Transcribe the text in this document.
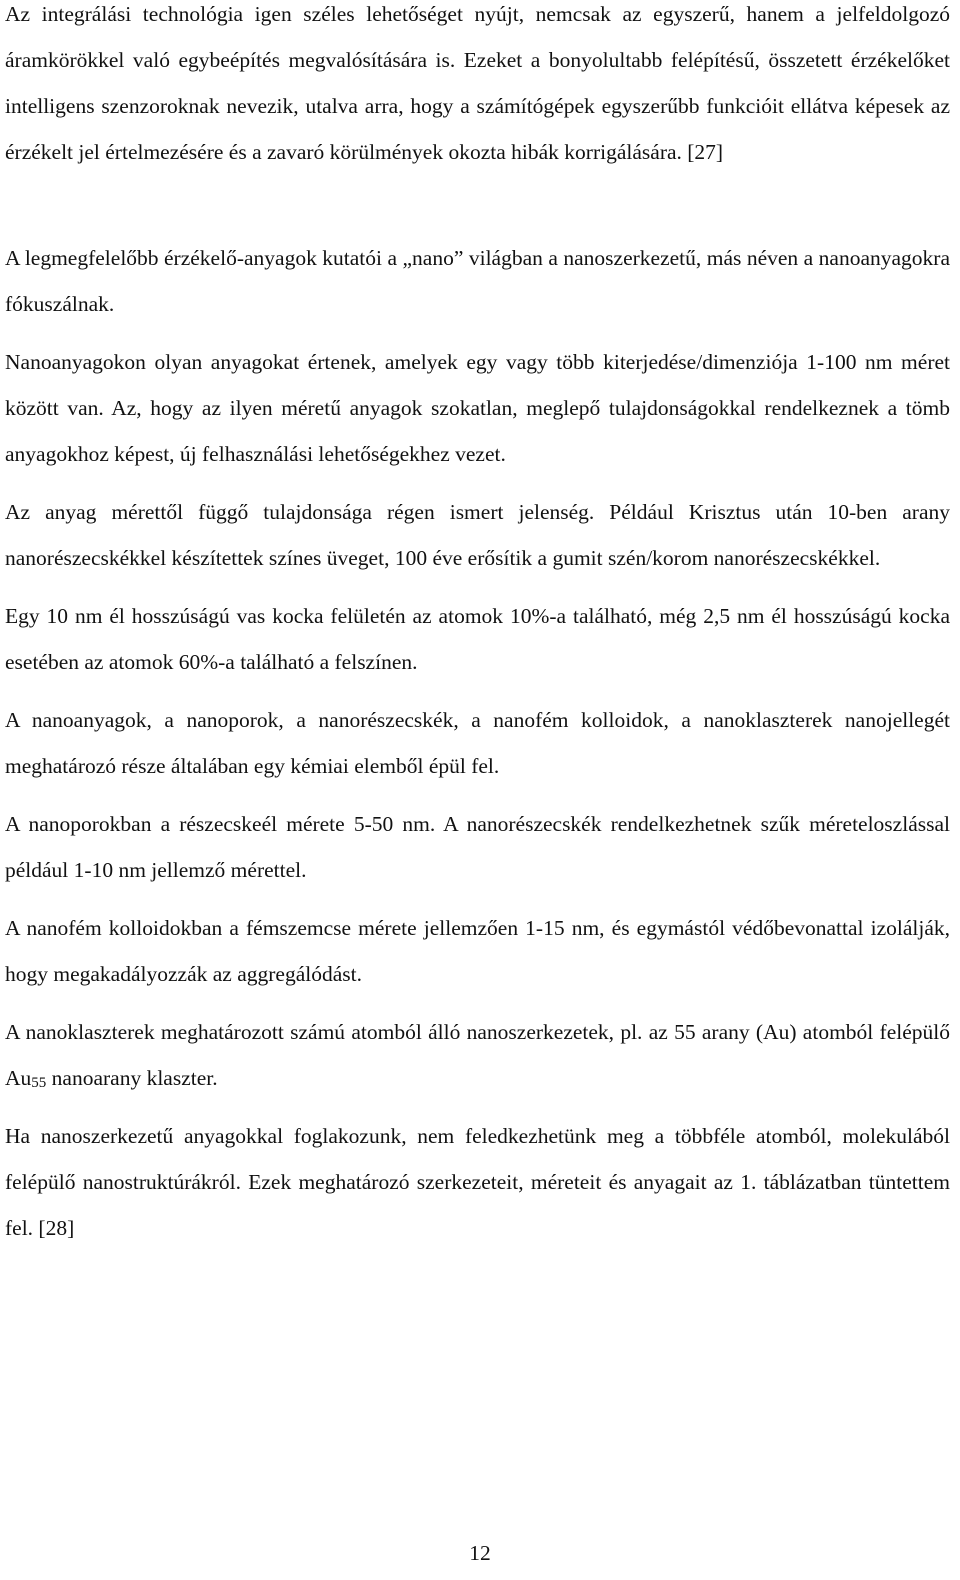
Az integrálási technológia igen széles lehetőséget nyújt, nemcsak az egyszerű, hanem a jelfeldolgozó áramkörökkel való egybeépítés megvalósítására is. Ezeket a bonyolultabb felépítésű, összetett érzékelőket intelligens szenzoroknak nevezik, utalva arra, hogy a számítógépek egyszerűbb funkcióit ellátva képesek az érzékelt jel értelmezésére és a zavaró körülmények okozta hibák korrigálására. [27]

A legmegfelelőbb érzékelő-anyagok kutatói a „nano” világban a nanoszerkezetű, más néven a nanoanyagokra fókuszálnak.

Nanoanyagokon olyan anyagokat értenek, amelyek egy vagy több kiterjedése/dimenziója 1-100 nm méret között van. Az, hogy az ilyen méretű anyagok szokatlan, meglepő tulajdonságokkal rendelkeznek a tömb anyagokhoz képest, új felhasználási lehetőségekhez vezet.

Az anyag mérettől függő tulajdonsága régen ismert jelenség. Például Krisztus után 10-ben arany nanorészecskékkel készítettek színes üveget, 100 éve erősítik a gumit szén/korom nanorészecskékkel.

Egy 10 nm él hosszúságú vas kocka felületén az atomok 10%-a található, még 2,5 nm él hosszúságú kocka esetében az atomok 60%-a található a felszínen.

A nanoanyagok, a nanoporok, a nanorészecskék, a nanofém kolloidok, a nanoklaszterek nanojellegét meghatározó része általában egy kémiai elemből épül fel.

A nanoporokban a részecskeél mérete 5-50 nm. A nanorészecskék rendelkezhetnek szűk méreteloszlással például 1-10 nm jellemző mérettel.

A nanofém kolloidokban a fémszemcse mérete jellemzően 1-15 nm, és egymástól védőbevonattal izolálják, hogy megakadályozzák az aggregálódást.

A nanoklaszterek meghatározott számú atomból álló nanoszerkezetek, pl. az 55 arany (Au) atomból felépülő $Au_{55}$ nanoarany klaszter.

Ha nanoszerkezetű anyagokkal foglakozunk, nem feledkezhetünk meg a többféle atomból, molekulából felépülő nanostruktúrákról. Ezek meghatározó szerkezeteit, méreteit és anyagait az 1. táblázatban tüntettem fel. [28]

12
